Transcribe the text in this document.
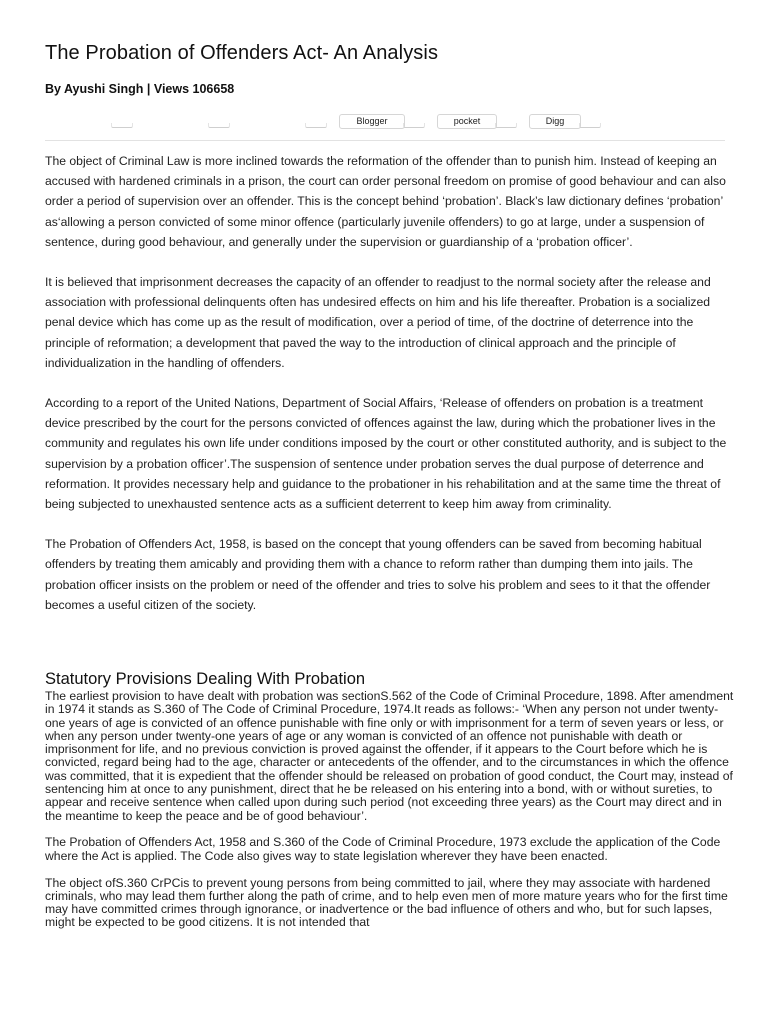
The Probation of Offenders Act- An Analysis
By Ayushi Singh | Views 106658
Blogger	pocket	Digg

The object of Criminal Law is more inclined towards the reformation of the offender than to punish him. Instead of keeping an accused with hardened criminals in a prison, the court can order personal freedom on promise of good behaviour and can also order a period of supervision over an offender. This is the concept behind ‘probation’. Black’s law dictionary defines ‘probation’ as‘allowing a person convicted of some minor offence (particularly juvenile offenders) to go at large, under a suspension of sentence, during good behaviour, and generally under the supervision or guardianship of a ‘probation officer’.

It is believed that imprisonment decreases the capacity of an offender to readjust to the normal society after the release and association with professional delinquents often has undesired effects on him and his life thereafter. Probation is a socialized penal device which has come up as the result of modification, over a period of time, of the doctrine of deterrence into the principle of reformation; a development that paved the way to the introduction of clinical approach and the principle of individualization in the handling of offenders.

According to a report of the United Nations, Department of Social Affairs, ‘Release of offenders on probation is a treatment device prescribed by the court for the persons convicted of offences against the law, during which the probationer lives in the community and regulates his own life under conditions imposed by the court or other constituted authority, and is subject to the supervision by a probation officer’.The suspension of sentence under probation serves the dual purpose of deterrence and reformation. It provides necessary help and guidance to the probationer in his rehabilitation and at the same time the threat of being subjected to unexhausted sentence acts as a sufficient deterrent to keep him away from criminality.

The Probation of Offenders Act, 1958, is based on the concept that young offenders can be saved from becoming habitual offenders by treating them amicably and providing them with a chance to reform rather than dumping them into jails. The probation officer insists on the problem or need of the offender and tries to solve his problem and sees to it that the offender becomes a useful citizen of the society.

Statutory Provisions Dealing With Probation

The earliest provision to have dealt with probation was sectionS.562 of the Code of Criminal Procedure, 1898. After amendment in 1974 it stands as S.360 of The Code of Criminal Procedure, 1974.It reads as follows:- ‘When any person not under twenty-one years of age is convicted of an offence punishable with fine only or with imprisonment for a term of seven years or less, or when any person under twenty-one years of age or any woman is convicted of an offence not punishable with death or imprisonment for life, and no previous conviction is proved against the offender, if it appears to the Court before which he is convicted, regard being had to the age, character or antecedents of the offender, and to the circumstances in which the offence was committed, that it is expedient that the offender should be released on probation of good conduct, the Court may, instead of sentencing him at once to any punishment, direct that he be released on his entering into a bond, with or without sureties, to appear and receive sentence when called upon during such period (not exceeding three years) as the Court may direct and in the meantime to keep the peace and be of good behaviour’.

The Probation of Offenders Act, 1958 and S.360 of the Code of Criminal Procedure, 1973 exclude the application of the Code where the Act is applied. The Code also gives way to state legislation wherever they have been enacted.

The object ofS.360 CrPCis to prevent young persons from being committed to jail, where they may associate with hardened criminals, who may lead them further along the path of crime, and to help even men of more mature years who for the first time may have committed crimes through ignorance, or inadvertence or the bad influence of others and who, but for such lapses, might be expected to be good citizens. It is not intended that
